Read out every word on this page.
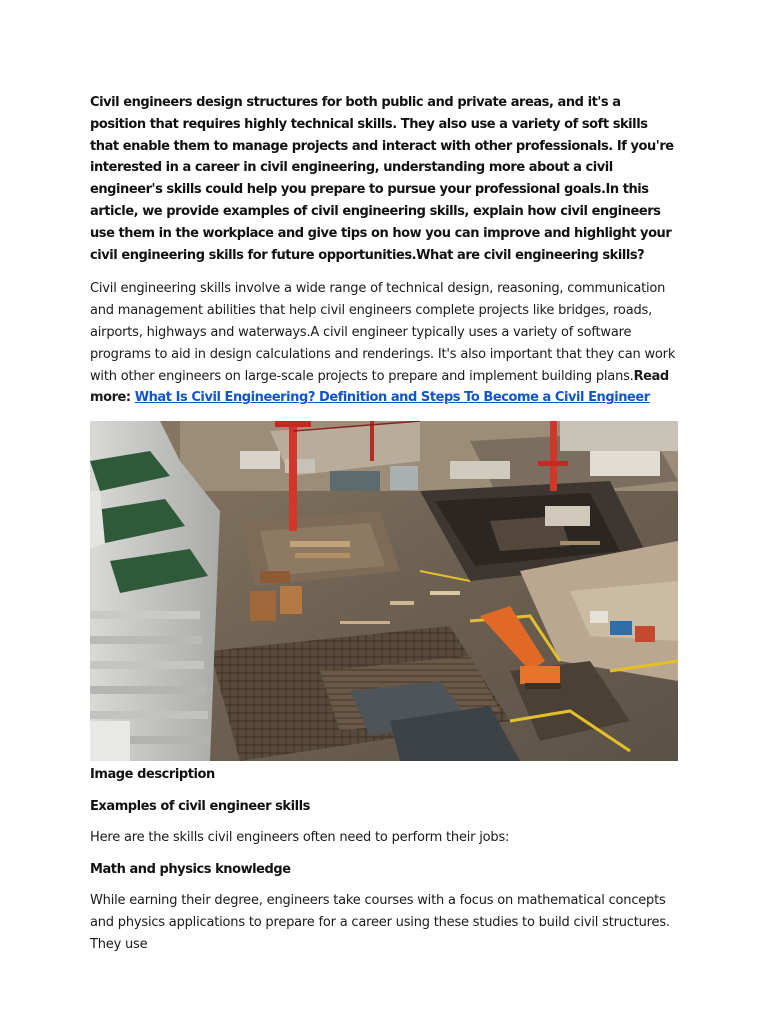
Civil engineers design structures for both public and private areas, and it's a position that requires highly technical skills. They also use a variety of soft skills that enable them to manage projects and interact with other professionals. If you're interested in a career in civil engineering, understanding more about a civil engineer's skills could help you prepare to pursue your professional goals.In this article, we provide examples of civil engineering skills, explain how civil engineers use them in the workplace and give tips on how you can improve and highlight your civil engineering skills for future opportunities.What are civil engineering skills?

Civil engineering skills involve a wide range of technical design, reasoning, communication and management abilities that help civil engineers complete projects like bridges, roads, airports, highways and waterways.A civil engineer typically uses a variety of software programs to aid in design calculations and renderings. It's also important that they can work with other engineers on large-scale projects to prepare and implement building plans.Read more: What Is Civil Engineering? Definition and Steps To Become a Civil Engineer

Image description

Examples of civil engineer skills

Here are the skills civil engineers often need to perform their jobs:

Math and physics knowledge

While earning their degree, engineers take courses with a focus on mathematical concepts and physics applications to prepare for a career using these studies to build civil structures. They use
